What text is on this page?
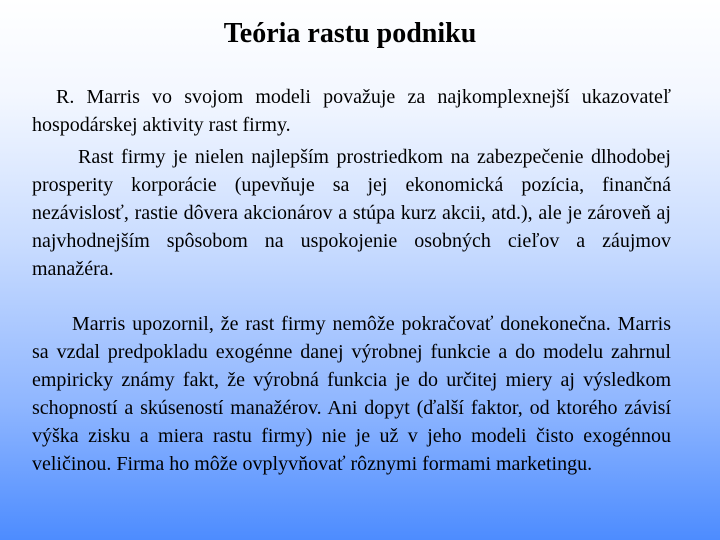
Teória rastu podniku
R. Marris vo svojom modeli považuje za najkomplexnejší ukazovateľ hospodárskej aktivity rast firmy.
Rast firmy je nielen najlepším prostriedkom na zabezpečenie dlhodobej prosperity korporácie (upevňuje sa jej ekonomická pozícia, finančná nezávislosť, rastie dôvera akcionárov a stúpa kurz akcii, atd.), ale je zároveň aj najvhodnejším spôsobom na uspokojenie osobných cieľov a záujmov manažéra.
Marris upozornil, že rast firmy nemôže pokračovať donekonečna. Marris sa vzdal predpokladu exogénne danej výrobnej funkcie a do modelu zahrnul empiricky známy fakt, že výrobná funkcia je do určitej miery aj výsledkom schopností a skúseností manažérov. Ani dopyt (ďalší faktor, od ktorého závisí výška zisku a miera rastu firmy) nie je už v jeho modeli čisto exogénnou veličinou. Firma ho môže ovplyvňovať rôznymi formami marketingu.
